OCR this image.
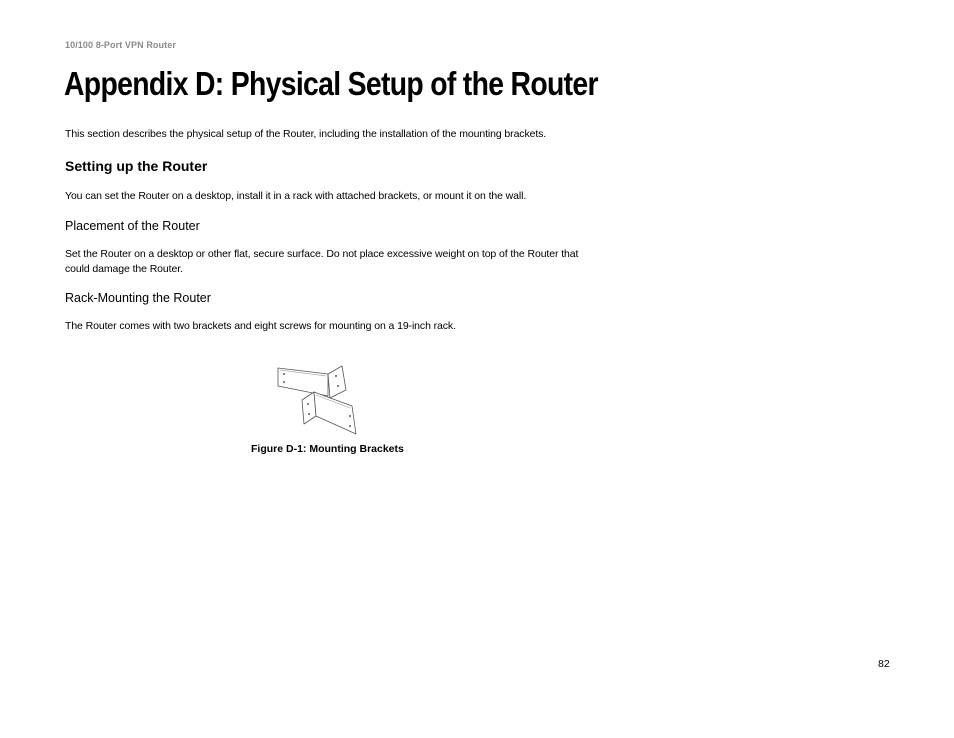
10/100 8-Port VPN Router
Appendix D: Physical Setup of the Router

This section describes the physical setup of the Router, including the installation of the mounting brackets.

Setting up the Router

You can set the Router on a desktop, install it in a rack with attached brackets, or mount it on the wall.

Placement of the Router

Set the Router on a desktop or other flat, secure surface. Do not place excessive weight on top of the Router that
could damage the Router.

Rack-Mounting the Router

The Router comes with two brackets and eight screws for mounting on a 19-inch rack.

Figure D-1: Mounting Brackets
82
